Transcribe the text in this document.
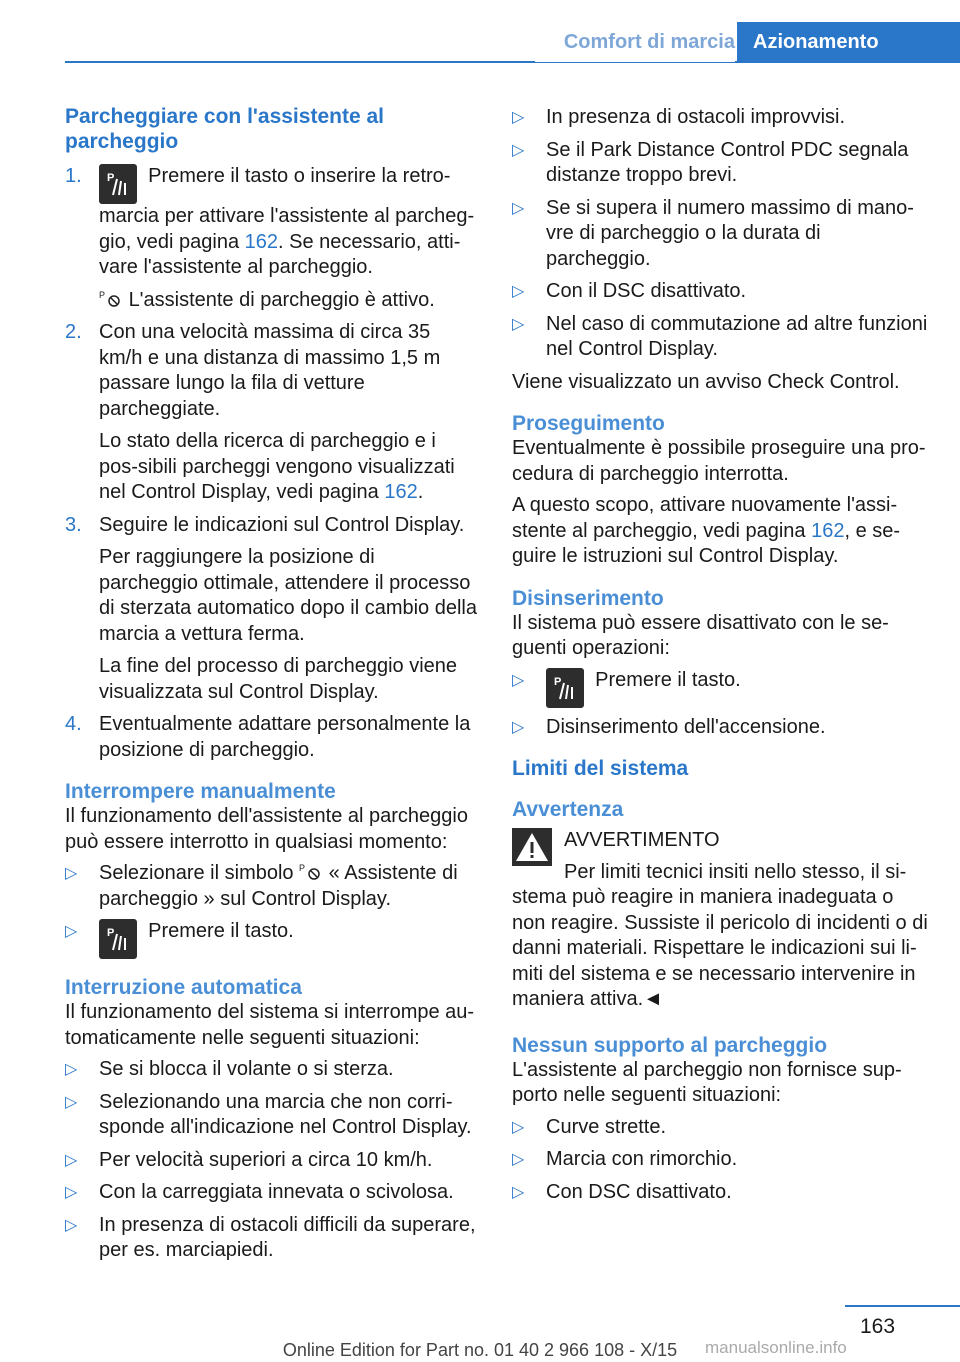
Comfort di marcia Azionamento
Parcheggiare con l'assistente al parcheggio
1. P Premere il tasto o inserire la retro-marcia per attivare l'assistente al parcheg-gio, vedi pagina 162. Se necessario, atti-vare l'assistente al parcheggio.
P L'assistente di parcheggio è attivo.
2. Con una velocità massima di circa 35 km/h e una distanza di massimo 1,5 m passare lungo la fila di vetture parcheggiate.
Lo stato della ricerca di parcheggio e i pos-sibili parcheggi vengono visualizzati nel Control Display, vedi pagina 162.
3. Seguire le indicazioni sul Control Display.
Per raggiungere la posizione di parcheggio ottimale, attendere il processo di sterzata automatico dopo il cambio della marcia a vettura ferma.
La fine del processo di parcheggio viene visualizzata sul Control Display.
4. Eventualmente adattare personalmente la posizione di parcheggio.
Interrompere manualmente

Il funzionamento dell'assistente al parcheggio può essere interrotto in qualsiasi momento:

▷ Selezionare il simbolo P « Assistente di parcheggio » sul Control Display.
▷	P Premere il tasto.
Interruzione automatica

Il funzionamento del sistema si interrompe au-tomaticamente nelle seguenti situazioni:

▷ Se si blocca il volante o si sterza.
▷ Selezionando una marcia che non corri-sponde all'indicazione nel Control Display.
▷ Per velocità superiori a circa 10 km/h.
▷ Con la carreggiata innevata o scivolosa.
▷ In presenza di ostacoli difficili da superare, per es. marciapiedi.
▷ In presenza di ostacoli improvvisi.
▷ Se il Park Distance Control PDC segnala distanze troppo brevi.
▷ Se si supera il numero massimo di mano-vre di parcheggio o la durata di parcheggio.
▷ Con il DSC disattivato.
▷ Nel caso di commutazione ad altre funzioni nel Control Display.

Viene visualizzato un avviso Check Control.

Proseguimento

Eventualmente è possibile proseguire una pro-cedura di parcheggio interrotta.

A questo scopo, attivare nuovamente l'assi-stente al parcheggio, vedi pagina 162, e se-guire le istruzioni sul Control Display.

Disinserimento

Il sistema può essere disattivato con le se-guenti operazioni:

▷	P Premere il tasto.
▷ Disinserimento dell'accensione.
Limiti del sistema
Avvertenza
AVVERTIMENTO
Per limiti tecnici insiti nello stesso, il si-stema può reagire in maniera inadeguata o non reagire. Sussiste il pericolo di incidenti o di danni materiali. Rispettare le indicazioni sui li-miti del sistema e se necessario intervenire in maniera attiva.◄
Nessun supporto al parcheggio

L'assistente al parcheggio non fornisce sup-porto nelle seguenti situazioni:

▷ Curve strette.
▷ Marcia con rimorchio.
▷ Con DSC disattivato.
163
Online Edition for Part no. 01 40 2 966 108 - X/15	manualsonline.info
